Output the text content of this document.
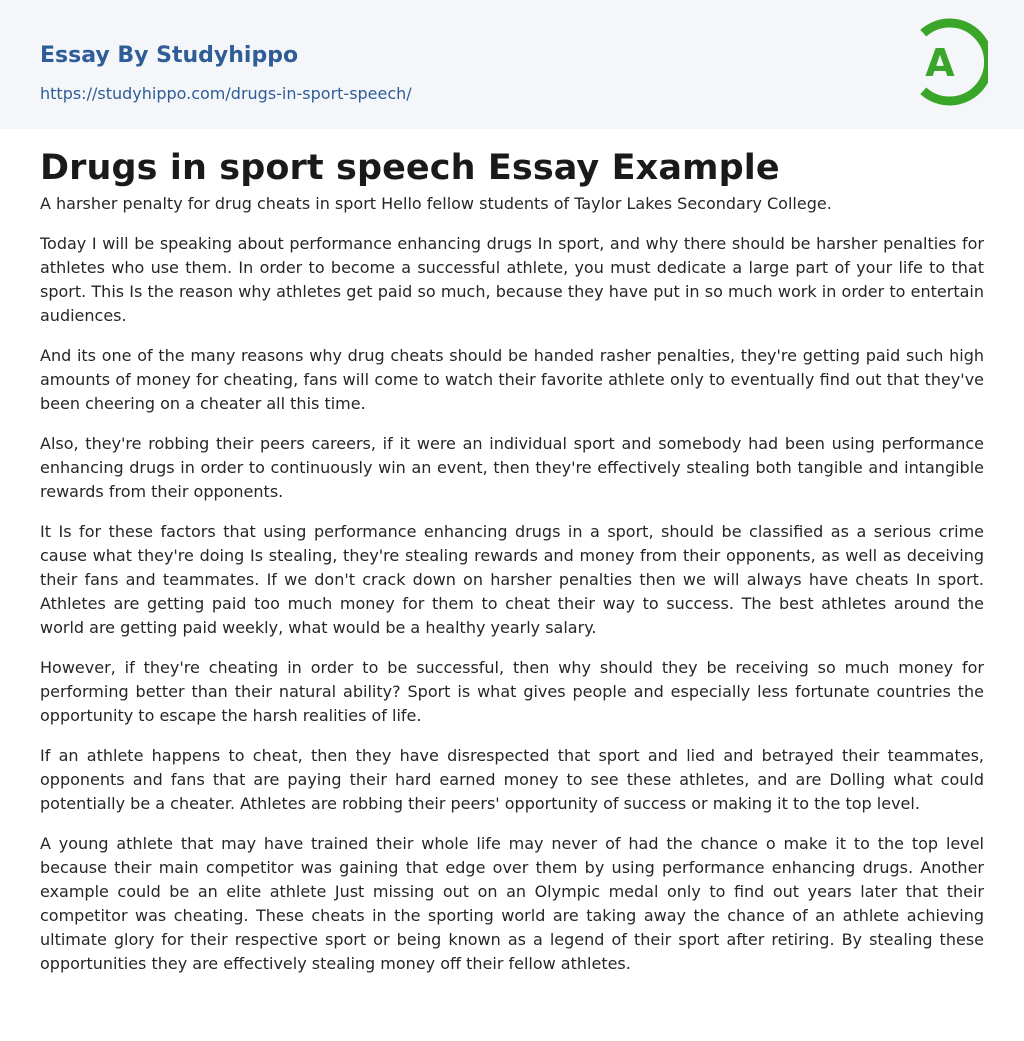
Essay By Studyhippo
https://studyhippo.com/drugs-in-sport-speech/
A
Drugs in sport speech Essay Example

A harsher penalty for drug cheats in sport Hello fellow students of Taylor Lakes Secondary College.

Today I will be speaking about performance enhancing drugs In sport, and why there should be harsher penalties for athletes who use them. In order to become a successful athlete, you must dedicate a large part of your life to that sport. This Is the reason why athletes get paid so much, because they have put in so much work in order to entertain audiences.

And its one of the many reasons why drug cheats should be handed rasher penalties, they're getting paid such high amounts of money for cheating, fans will come to watch their favorite athlete only to eventually find out that they've been cheering on a cheater all this time.

Also, they're robbing their peers careers, if it were an individual sport and somebody had been using performance enhancing drugs in order to continuously win an event, then they're effectively stealing both tangible and intangible rewards from their opponents.

It Is for these factors that using performance enhancing drugs in a sport, should be classified as a serious crime cause what they're doing Is stealing, they're stealing rewards and money from their opponents, as well as deceiving their fans and teammates. If we don't crack down on harsher penalties then we will always have cheats In sport. Athletes are getting paid too much money for them to cheat their way to success. The best athletes around the world are getting paid weekly, what would be a healthy yearly salary.

However, if they're cheating in order to be successful, then why should they be receiving so much money for performing better than their natural ability? Sport is what gives people and especially less fortunate countries the opportunity to escape the harsh realities of life.

If an athlete happens to cheat, then they have disrespected that sport and lied and betrayed their teammates, opponents and fans that are paying their hard earned money to see these athletes, and are Dolling what could potentially be a cheater. Athletes are robbing their peers' opportunity of success or making it to the top level.

A young athlete that may have trained their whole life may never of had the chance o make it to the top level because their main competitor was gaining that edge over them by using performance enhancing drugs. Another example could be an elite athlete Just missing out on an Olympic medal only to find out years later that their competitor was cheating. These cheats in the sporting world are taking away the chance of an athlete achieving ultimate glory for their respective sport or being known as a legend of their sport after retiring. By stealing these opportunities they are effectively stealing money off their fellow athletes.
